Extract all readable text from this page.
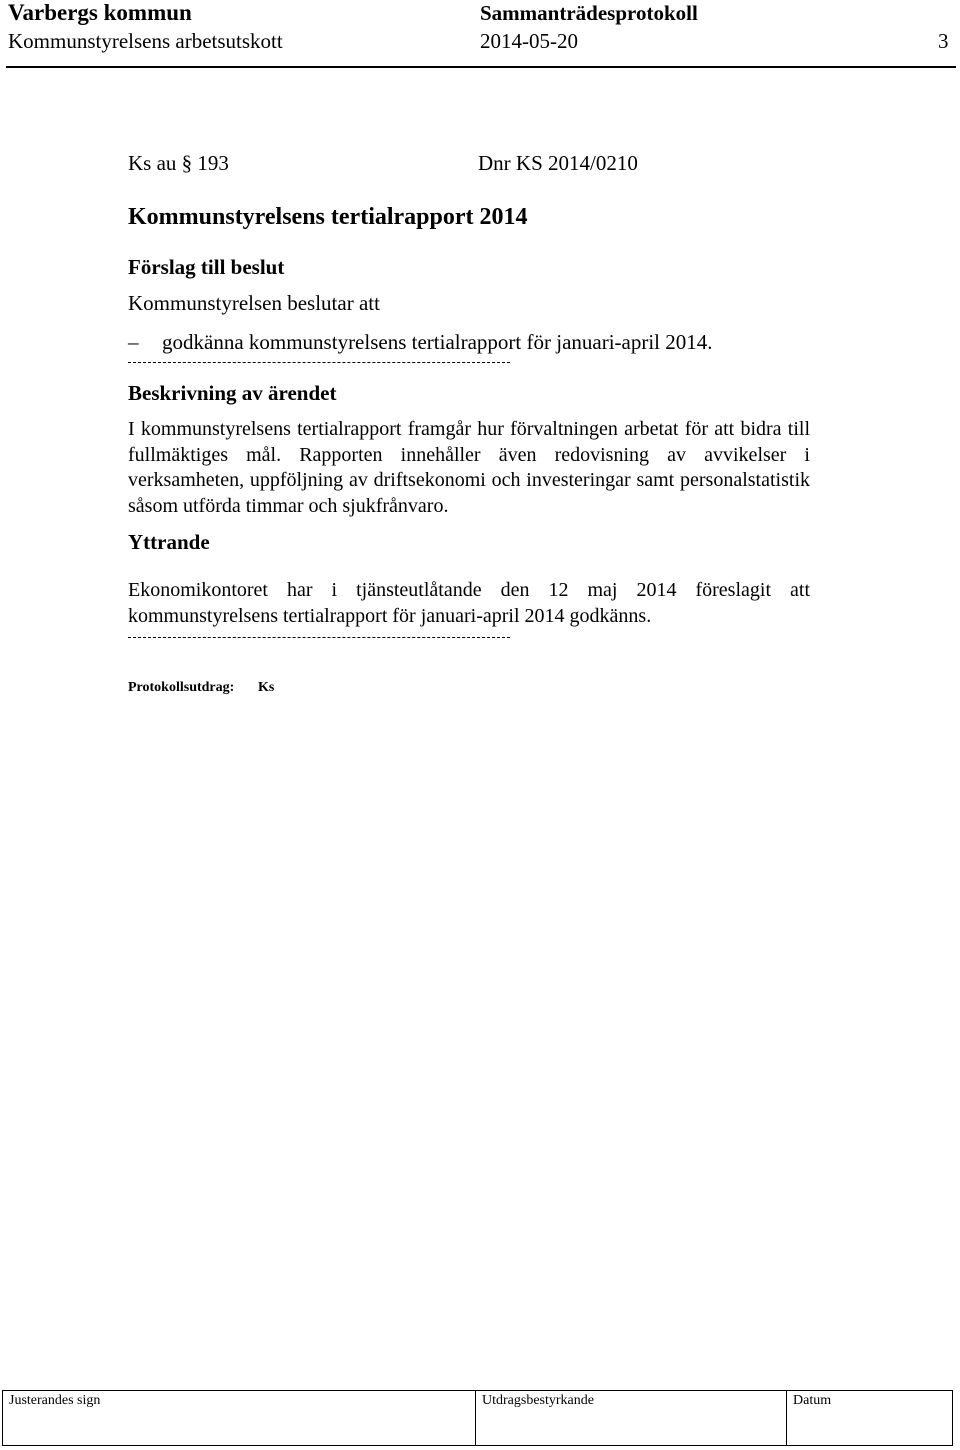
Varbergs kommun	Sammanträdesprotokoll
Kommunstyrelsens arbetsutskott	2014-05-20	3
Ks au § 193	Dnr KS 2014/0210
Kommunstyrelsens tertialrapport 2014
Förslag till beslut
Kommunstyrelsen beslutar att
– godkänna kommunstyrelsens tertialrapport för januari-april 2014.
Beskrivning av ärendet
I kommunstyrelsens tertialrapport framgår hur förvaltningen arbetat för att bidra till fullmäktiges mål. Rapporten innehåller även redovisning av avvikelser i verksamheten, uppföljning av driftsekonomi och investeringar samt personalstatistik såsom utförda timmar och sjukfrånvaro.
Yttrande
Ekonomikontoret har i tjänsteutlåtande den 12 maj 2014 föreslagit att kommunstyrelsens tertialrapport för januari-april 2014 godkänns.
Protokollsutdrag: Ks
Justerandes sign	Utdragsbestyrkande	Datum
